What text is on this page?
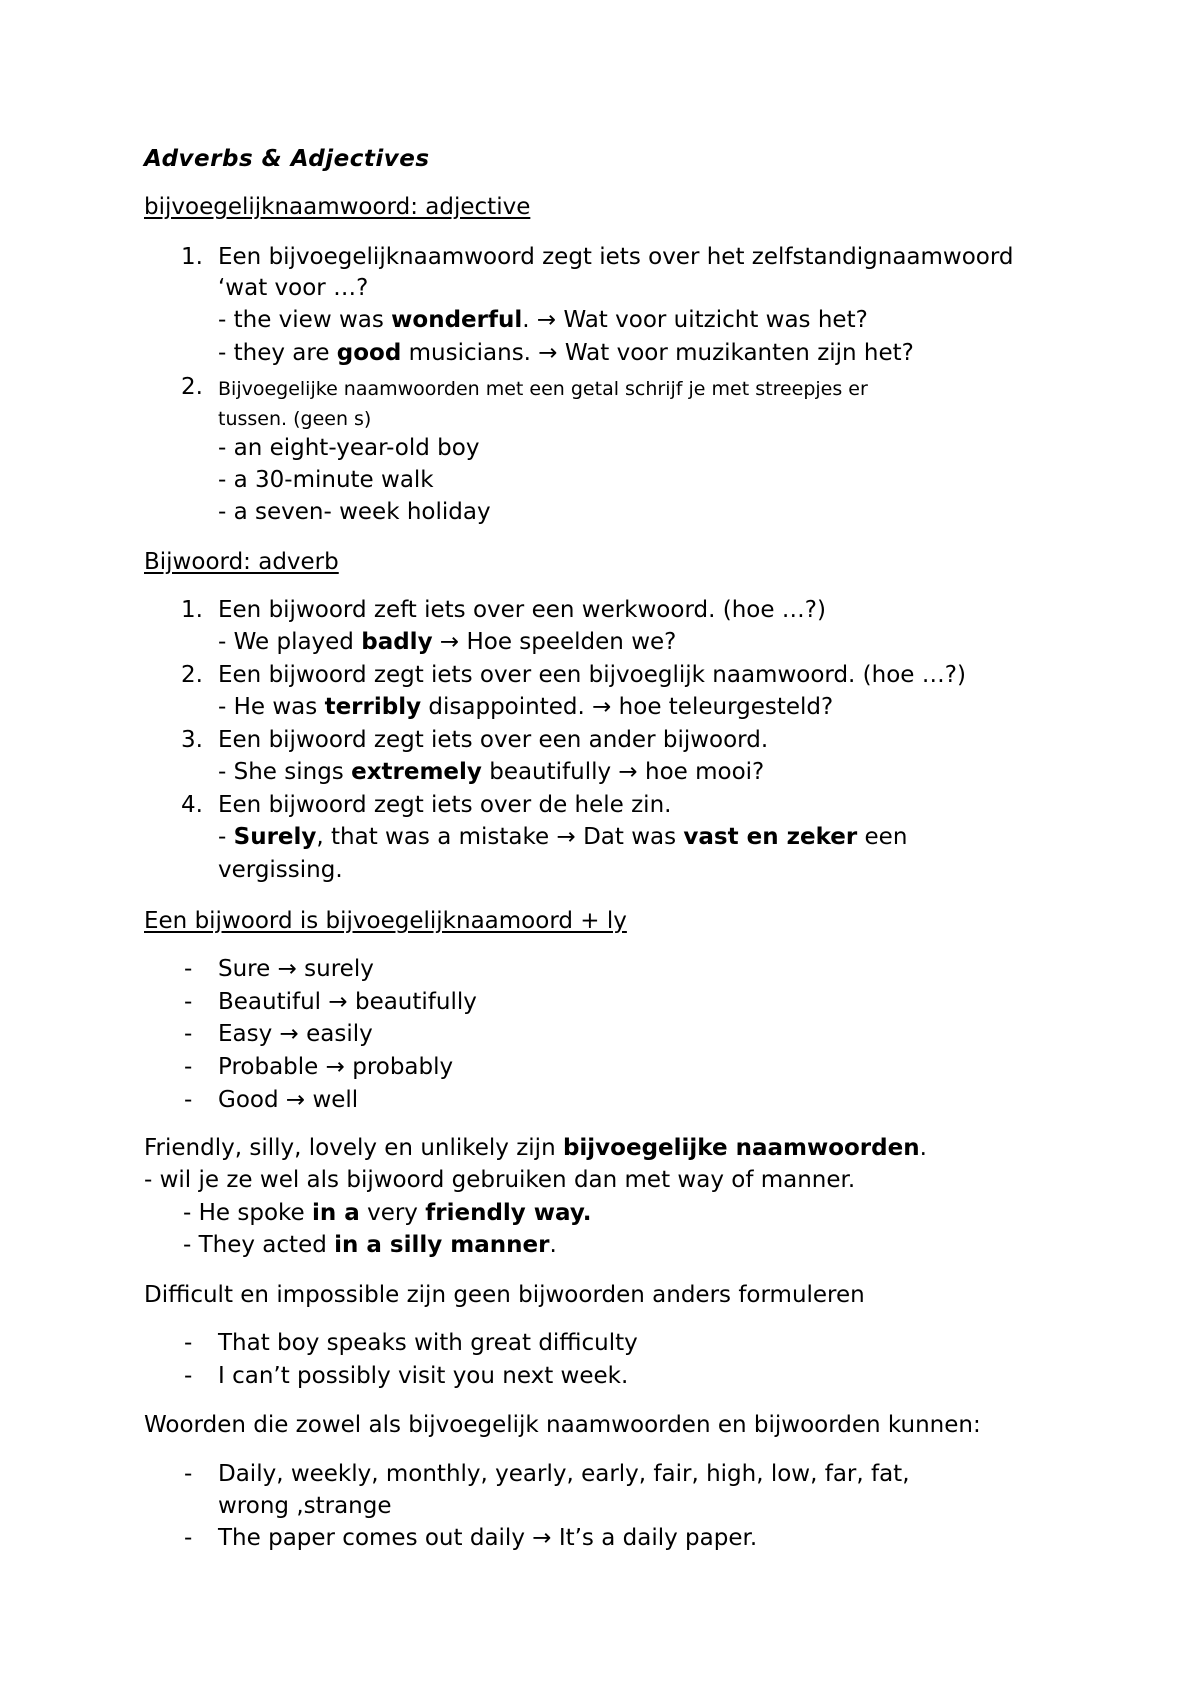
Adverbs & Adjectives
bijvoegelijknaamwoord: adjective
1. Een bijvoegelijknaamwoord zegt iets over het zelfstandignaamwoord
‘wat voor …?
- the view was wonderful. → Wat voor uitzicht was het?
- they are good musicians. → Wat voor muzikanten zijn het?
2. Bijvoegelijke naamwoorden met een getal schrijf je met streepjes er
tussen. (geen s)
- an eight-year-old boy
- a 30-minute walk
- a seven- week holiday
Bijwoord: adverb
1. Een bijwoord zeft iets over een werkwoord. (hoe …?)
- We played badly → Hoe speelden we?
2. Een bijwoord zegt iets over een bijvoeglijk naamwoord. (hoe …?)
- He was terribly disappointed. → hoe teleurgesteld?
3. Een bijwoord zegt iets over een ander bijwoord.
- She sings extremely beautifully → hoe mooi?
4. Een bijwoord zegt iets over de hele zin.
- Surely, that was a mistake → Dat was vast en zeker een
vergissing.
Een bijwoord is bijvoegelijknaamoord + ly
- Sure → surely
- Beautiful → beautifully
- Easy → easily
- Probable → probably
- Good → well
Friendly, silly, lovely en unlikely zijn bijvoegelijke naamwoorden.
- wil je ze wel als bijwoord gebruiken dan met way of manner.
- He spoke in a very friendly way.
- They acted in a silly manner.
Difficult en impossible zijn geen bijwoorden anders formuleren
- That boy speaks with great difficulty
- I can’t possibly visit you next week.
Woorden die zowel als bijvoegelijk naamwoorden en bijwoorden kunnen:
- Daily, weekly, monthly, yearly, early, fair, high, low, far, fat,
wrong ,strange
- The paper comes out daily → It’s a daily paper.
